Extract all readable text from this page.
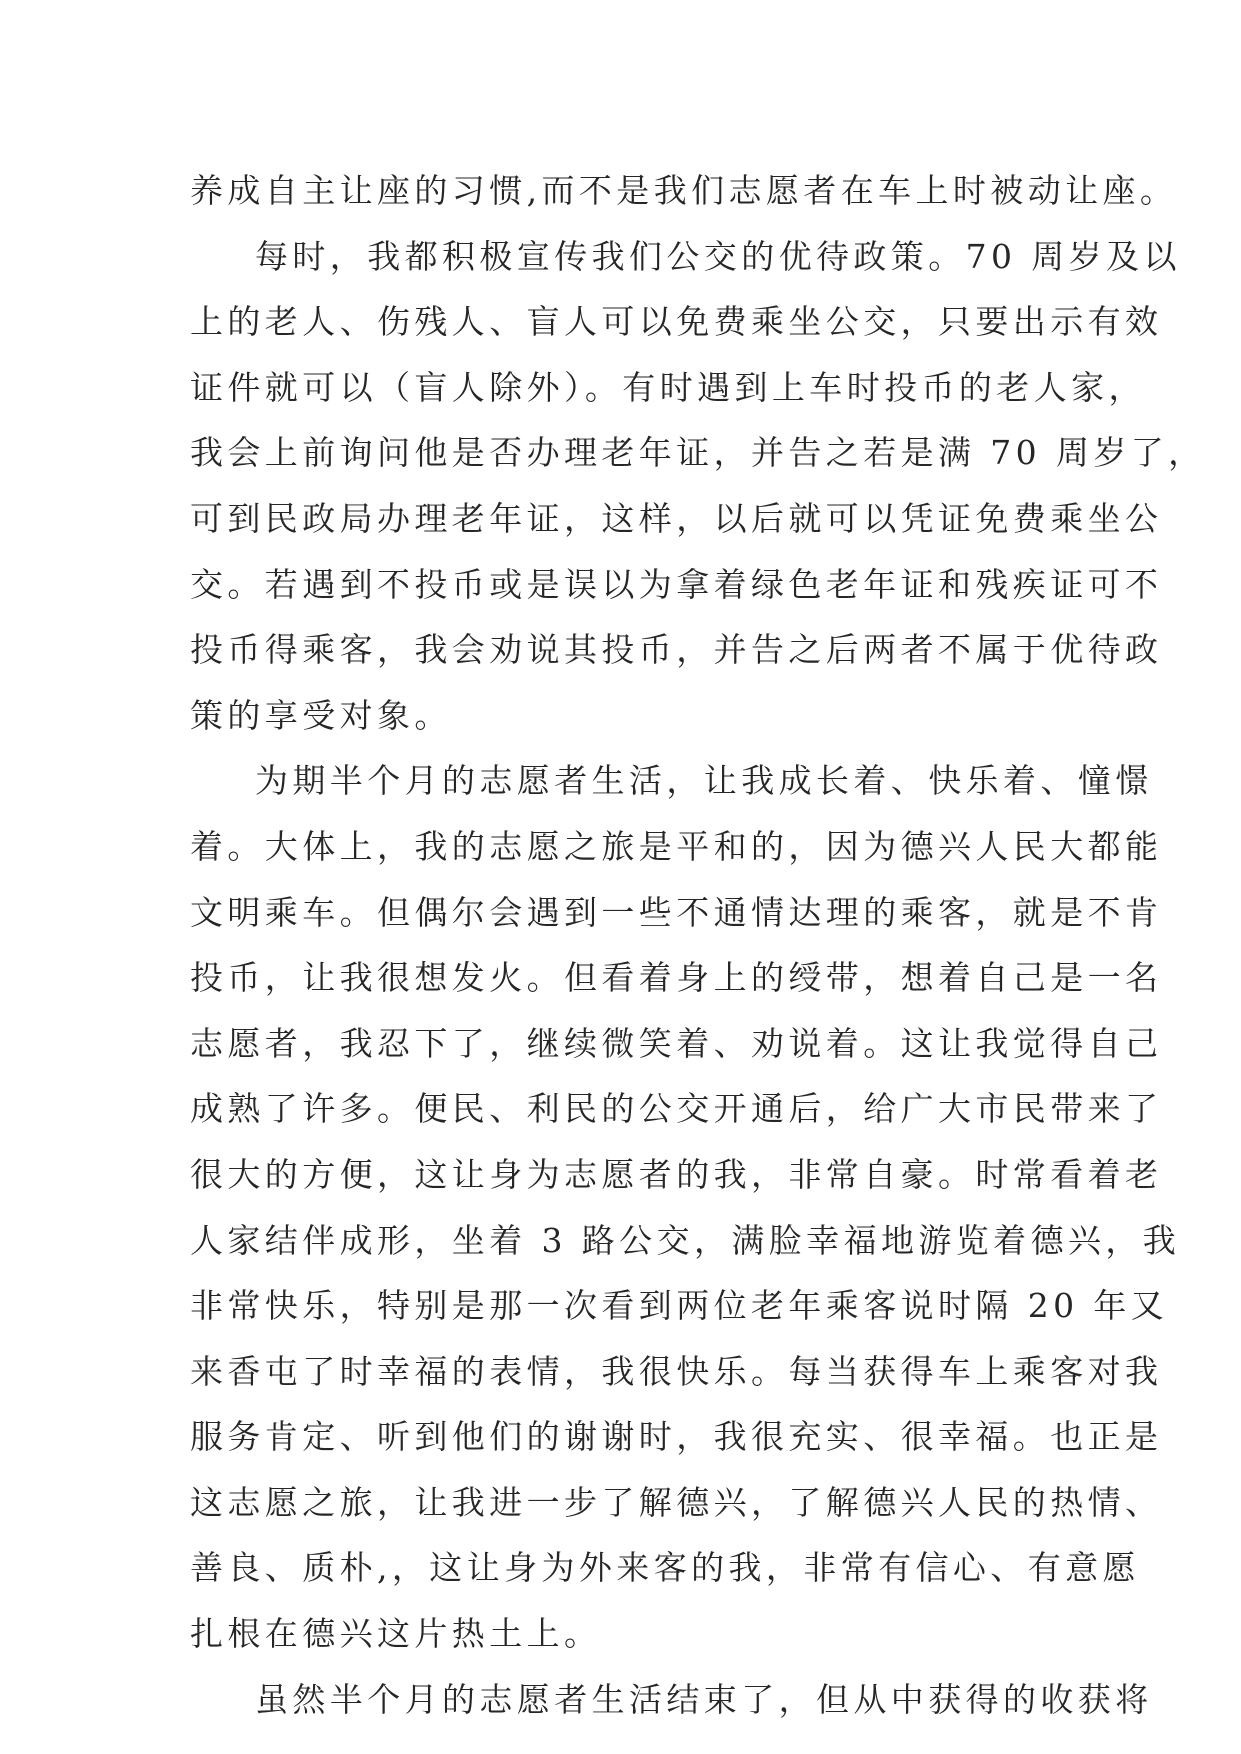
养成自主让座的习惯,而不是我们志愿者在车上时被动让座。
每时，我都积极宣传我们公交的优待政策。70 周岁及以
上的老人、伤残人、盲人可以免费乘坐公交，只要出示有效
证件就可以（盲人除外）。有时遇到上车时投币的老人家，
我会上前询问他是否办理老年证，并告之若是满 70 周岁了，
可到民政局办理老年证，这样，以后就可以凭证免费乘坐公
交。若遇到不投币或是误以为拿着绿色老年证和残疾证可不
投币得乘客，我会劝说其投币，并告之后两者不属于优待政
策的享受对象。
为期半个月的志愿者生活，让我成长着、快乐着、憧憬
着。大体上，我的志愿之旅是平和的，因为德兴人民大都能
文明乘车。但偶尔会遇到一些不通情达理的乘客，就是不肯
投币，让我很想发火。但看着身上的绶带，想着自己是一名
志愿者，我忍下了，继续微笑着、劝说着。这让我觉得自己
成熟了许多。便民、利民的公交开通后，给广大市民带来了
很大的方便，这让身为志愿者的我，非常自豪。时常看着老
人家结伴成形，坐着 3 路公交，满脸幸福地游览着德兴，我
非常快乐，特别是那一次看到两位老年乘客说时隔 20 年又
来香屯了时幸福的表情，我很快乐。每当获得车上乘客对我
服务肯定、听到他们的谢谢时，我很充实、很幸福。也正是
这志愿之旅，让我进一步了解德兴，了解德兴人民的热情、
善良、质朴,，这让身为外来客的我，非常有信心、有意愿
扎根在德兴这片热土上。
虽然半个月的志愿者生活结束了，但从中获得的收获将
